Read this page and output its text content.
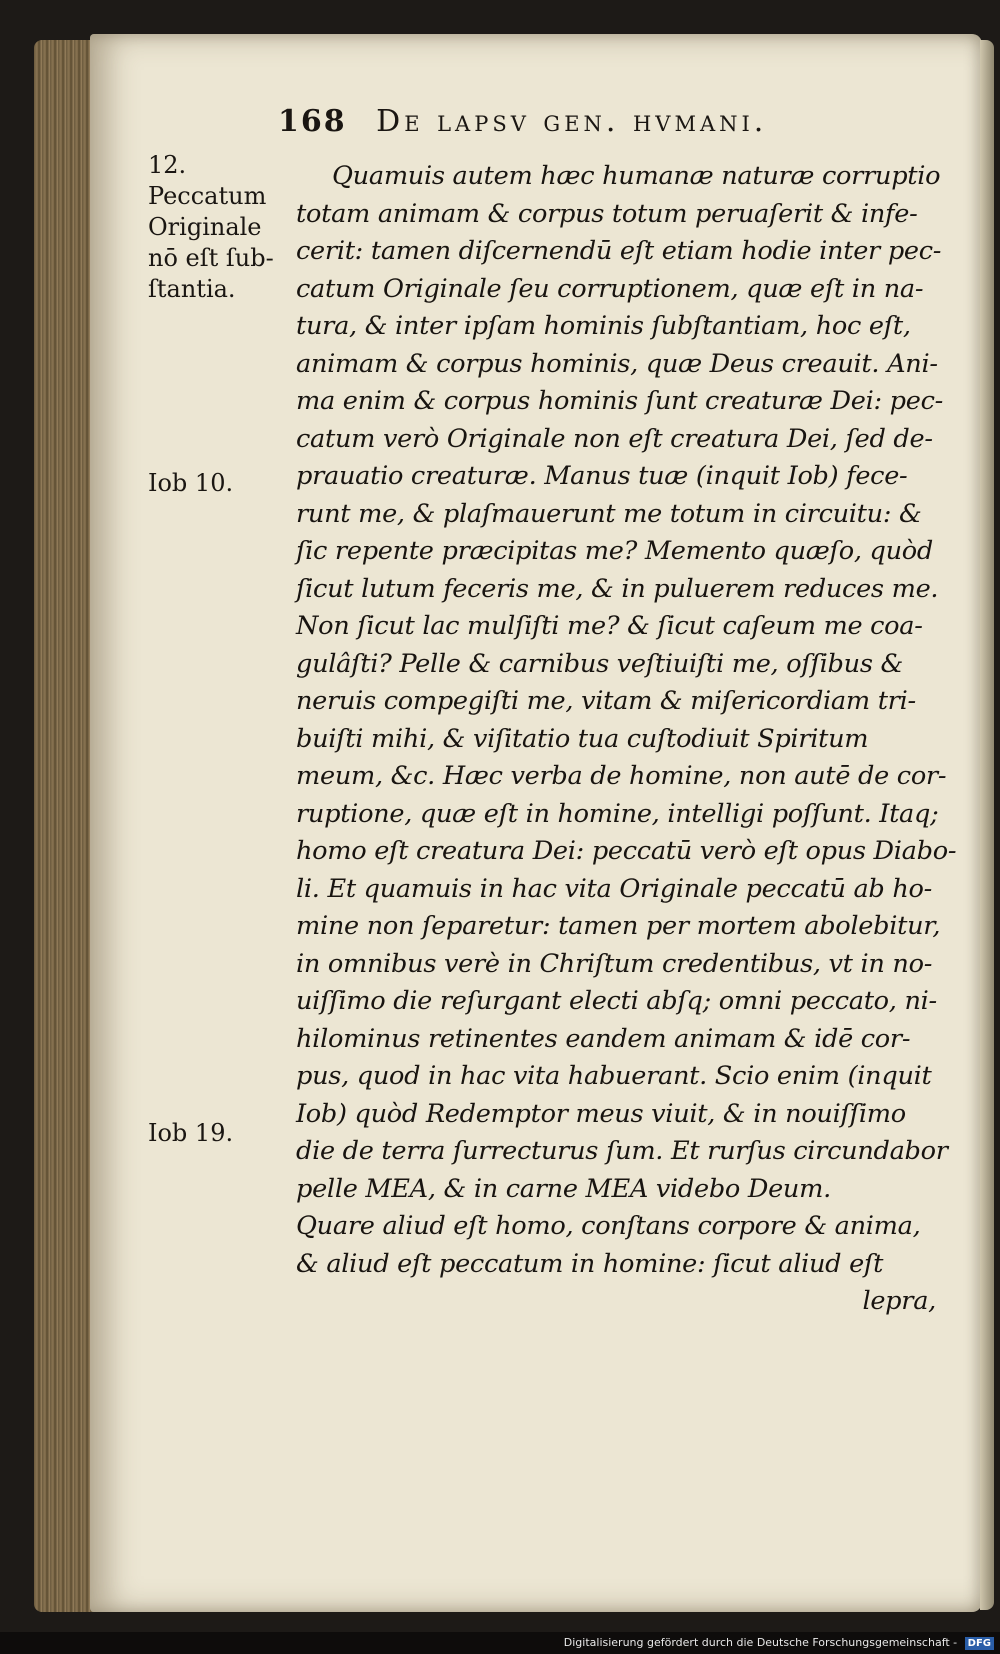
168 De lapsv gen. hvmani.
12.
Peccatum
Originale
nō eſt ſub-
ſtantia.
Iob 10.
Iob 19.
Quamuis autem hæc humanæ naturæ corruptio
totam animam & corpus totum peruaſerit & infe-
cerit: tamen diſcernendū eſt etiam hodie inter pec-
catum Originale ſeu corruptionem, quæ eſt in na-
tura, & inter ipſam hominis ſubſtantiam, hoc eſt,
animam & corpus hominis, quæ Deus creauit. Ani-
ma enim & corpus hominis ſunt creaturæ Dei: pec-
catum verò Originale non eſt creatura Dei, ſed de-
prauatio creaturæ. Manus tuæ (inquit Iob) fece-
runt me, & plaſmauerunt me totum in circuitu: &
ſic repente præcipitas me? Memento quæſo, quòd
ſicut lutum feceris me, & in puluerem reduces me.
Non ſicut lac mulſiſti me? & ſicut caſeum me coa-
gulâſti? Pelle & carnibus veſtiuiſti me, oſſibus &
neruis compegiſti me, vitam & miſericordiam tri-
buiſti mihi, & viſitatio tua cuſtodiuit Spiritum
meum, &c. Hæc verba de homine, non autē de cor-
ruptione, quæ eſt in homine, intelligi poſſunt. Itaq;
homo eſt creatura Dei: peccatū verò eſt opus Diabo-
li. Et quamuis in hac vita Originale peccatū ab ho-
mine non ſeparetur: tamen per mortem abolebitur,
in omnibus verè in Chriſtum credentibus, vt in no-
uiſſimo die reſurgant electi abſq; omni peccato, ni-
hilominus retinentes eandem animam & idē cor-
pus, quod in hac vita habuerant. Scio enim (inquit
Iob) quòd Redemptor meus viuit, & in nouiſſimo
die de terra ſurrecturus ſum. Et rurſus circundabor
pelle MEA, & in carne MEA videbo Deum.
Quare aliud eſt homo, conſtans corpore & anima,
& aliud eſt peccatum in homine: ſicut aliud eſt
lepra,
Digitalisierung gefördert durch die Deutsche Forschungsgemeinschaft - DFG
